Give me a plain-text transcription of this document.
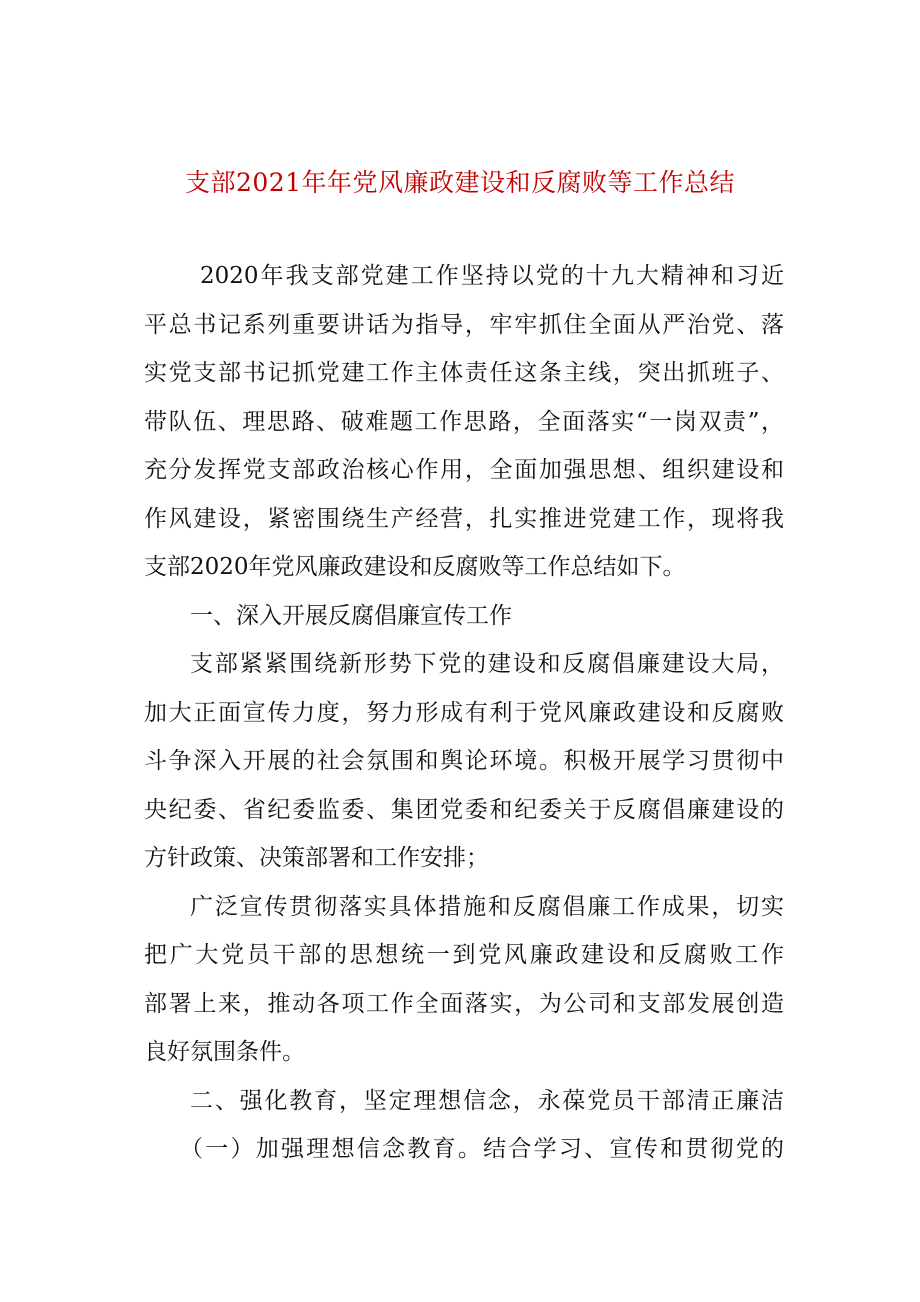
支部2021年年党风廉政建设和反腐败等工作总结
2020年我支部党建工作坚持以党的十九大精神和习近
平总书记系列重要讲话为指导，牢牢抓住全面从严治党、落
实党支部书记抓党建工作主体责任这条主线，突出抓班子、
带队伍、理思路、破难题工作思路，全面落实“一岗双责”，
充分发挥党支部政治核心作用，全面加强思想、组织建设和
作风建设，紧密围绕生产经营，扎实推进党建工作，现将我
支部2020年党风廉政建设和反腐败等工作总结如下。
一、深入开展反腐倡廉宣传工作
支部紧紧围绕新形势下党的建设和反腐倡廉建设大局，
加大正面宣传力度，努力形成有利于党风廉政建设和反腐败
斗争深入开展的社会氛围和舆论环境。积极开展学习贯彻中
央纪委、省纪委监委、集团党委和纪委关于反腐倡廉建设的
方针政策、决策部署和工作安排；
广泛宣传贯彻落实具体措施和反腐倡廉工作成果，切实
把广大党员干部的思想统一到党风廉政建设和反腐败工作
部署上来，推动各项工作全面落实，为公司和支部发展创造
良好氛围条件。
二、强化教育，坚定理想信念，永葆党员干部清正廉洁
（一）加强理想信念教育。结合学习、宣传和贯彻党的
